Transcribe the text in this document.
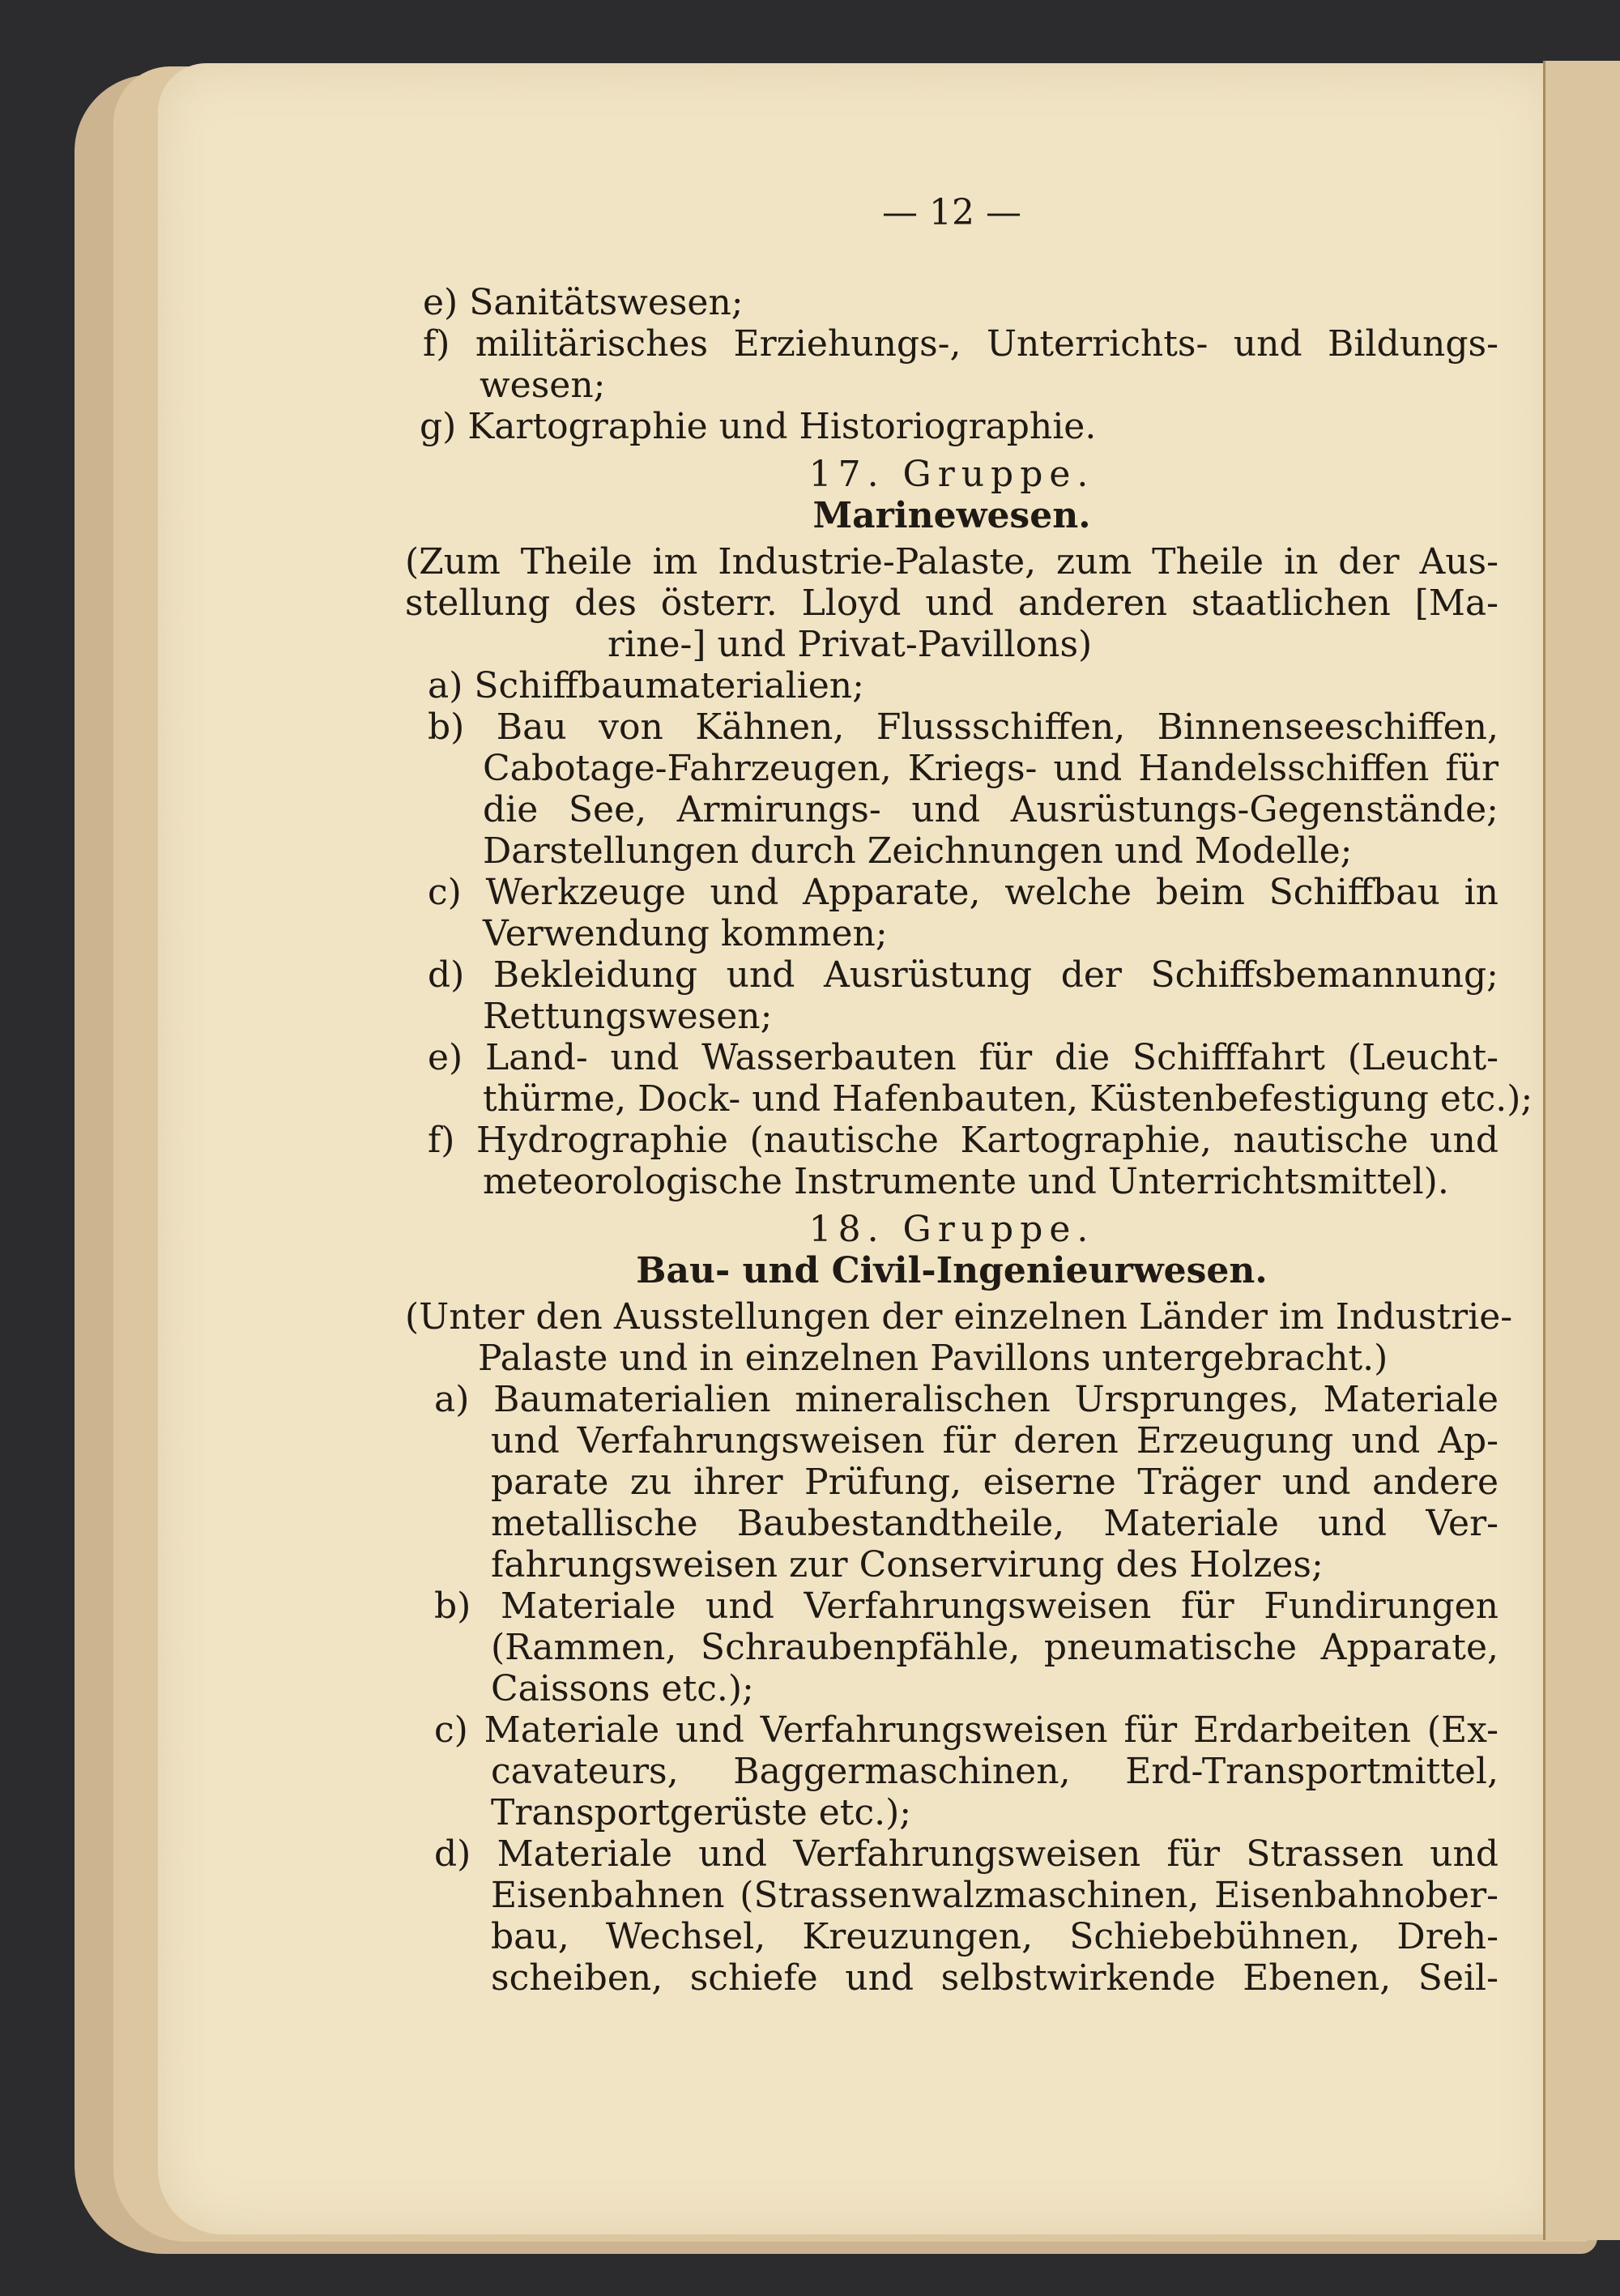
— 12 —
e) Sanitätswesen;
f) militärisches Erziehungs-, Unterrichts- und Bildungs-
wesen;
g) Kartographie und Historiographie.
17. Gruppe.
Marinewesen.
(Zum Theile im Industrie-Palaste, zum Theile in der Aus-
stellung des österr. Lloyd und anderen staatlichen [Ma-
rine-] und Privat-Pavillons)
a) Schiffbaumaterialien;
b) Bau von Kähnen, Flussschiffen, Binnenseeschiffen,
Cabotage-Fahrzeugen, Kriegs- und Handelsschiffen für
die See, Armirungs- und Ausrüstungs-Gegenstände;
Darstellungen durch Zeichnungen und Modelle;
c) Werkzeuge und Apparate, welche beim Schiffbau in
Verwendung kommen;
d) Bekleidung und Ausrüstung der Schiffsbemannung;
Rettungswesen;
e) Land- und Wasserbauten für die Schifffahrt (Leucht-
thürme, Dock- und Hafenbauten, Küstenbefestigung etc.);
f) Hydrographie (nautische Kartographie, nautische und
meteorologische Instrumente und Unterrichtsmittel).
18. Gruppe.
Bau- und Civil-Ingenieurwesen.
(Unter den Ausstellungen der einzelnen Länder im Industrie-
Palaste und in einzelnen Pavillons untergebracht.)
a) Baumaterialien mineralischen Ursprunges, Materiale
und Verfahrungsweisen für deren Erzeugung und Ap-
parate zu ihrer Prüfung, eiserne Träger und andere
metallische Baubestandtheile, Materiale und Ver-
fahrungsweisen zur Conservirung des Holzes;
b) Materiale und Verfahrungsweisen für Fundirungen
(Rammen, Schraubenpfähle, pneumatische Apparate,
Caissons etc.);
c) Materiale und Verfahrungsweisen für Erdarbeiten (Ex-
cavateurs, Baggermaschinen, Erd-Transportmittel,
Transportgerüste etc.);
d) Materiale und Verfahrungsweisen für Strassen und
Eisenbahnen (Strassenwalzmaschinen, Eisenbahnober-
bau, Wechsel, Kreuzungen, Schiebebühnen, Dreh-
scheiben, schiefe und selbstwirkende Ebenen, Seil-
